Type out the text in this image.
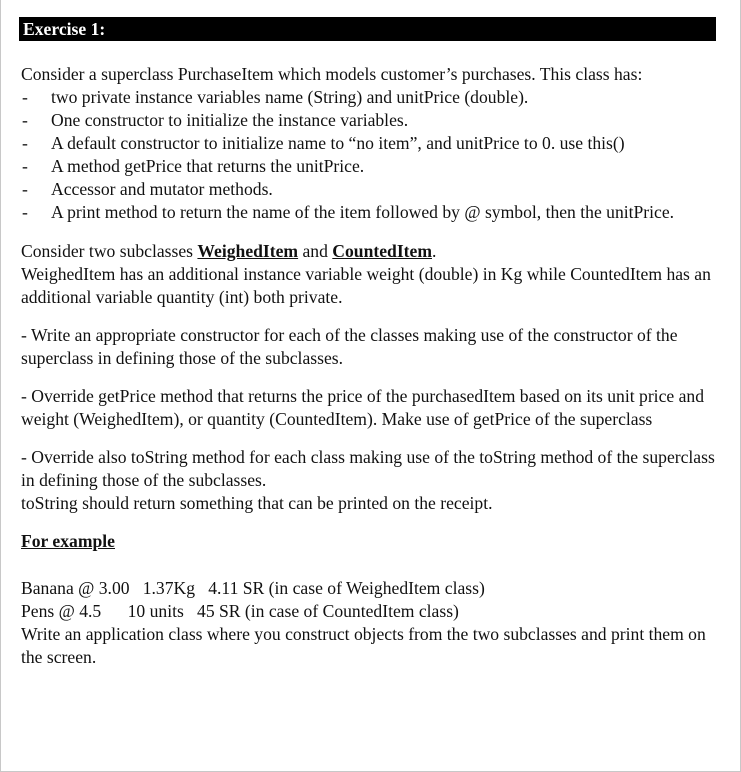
Exercise 1:

Consider a superclass PurchaseItem which models customer’s purchases. This class has:

- two private instance variables name (String) and unitPrice (double).
- One constructor to initialize the instance variables.
- A default constructor to initialize name to “no item”, and unitPrice to 0. use this()
- A method getPrice that returns the unitPrice.
- Accessor and mutator methods.
- A print method to return the name of the item followed by @ symbol, then the unitPrice.

Consider two subclasses WeighedItem and CountedItem.

WeighedItem has an additional instance variable weight (double) in Kg while CountedItem has an additional variable quantity (int) both private.

- Write an appropriate constructor for each of the classes making use of the constructor of the superclass in defining those of the subclasses.

- Override getPrice method that returns the price of the purchasedItem based on its unit price and weight (WeighedItem), or quantity (CountedItem). Make use of getPrice of the superclass

- Override also toString method for each class making use of the toString method of the superclass in defining those of the subclasses.

toString should return something that can be printed on the receipt.

For example

Banana @ 3.00   1.37Kg   4.11 SR (in case of WeighedItem class)

Pens @ 4.5      10 units   45 SR (in case of CountedItem class)

Write an application class where you construct objects from the two subclasses and print them on the screen.
